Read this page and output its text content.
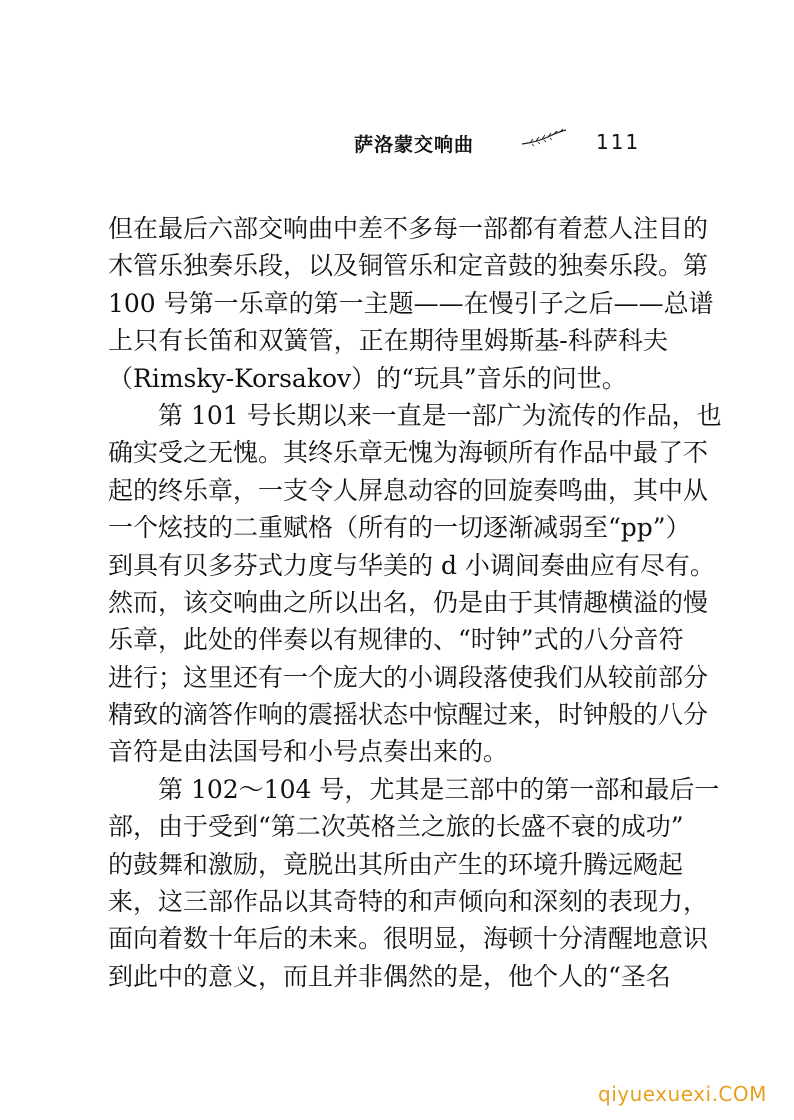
萨洛蒙交响曲	111

但在最后六部交响曲中差不多每一部都有着惹人注目的
木管乐独奏乐段，以及铜管乐和定音鼓的独奏乐段。第
100 号第一乐章的第一主题——在慢引子之后——总谱
上只有长笛和双簧管，正在期待里姆斯基-科萨科夫
（Rimsky-Korsakov）的“玩具”音乐的问世。

　　第 101 号长期以来一直是一部广为流传的作品，也
确实受之无愧。其终乐章无愧为海顿所有作品中最了不
起的终乐章，一支令人屏息动容的回旋奏鸣曲，其中从
一个炫技的二重赋格（所有的一切逐渐减弱至“pp”）
到具有贝多芬式力度与华美的 d 小调间奏曲应有尽有。
然而，该交响曲之所以出名，仍是由于其情趣横溢的慢
乐章，此处的伴奏以有规律的、“时钟”式的八分音符
进行；这里还有一个庞大的小调段落使我们从较前部分
精致的滴答作响的震摇状态中惊醒过来，时钟般的八分
音符是由法国号和小号点奏出来的。

　　第 102～104 号，尤其是三部中的第一部和最后一
部，由于受到“第二次英格兰之旅的长盛不衰的成功”
的鼓舞和激励，竟脱出其所由产生的环境升腾远飏起
来，这三部作品以其奇特的和声倾向和深刻的表现力，
面向着数十年后的未来。很明显，海顿十分清醒地意识
到此中的意义，而且并非偶然的是，他个人的“圣名

qiyuexuexi.COM
